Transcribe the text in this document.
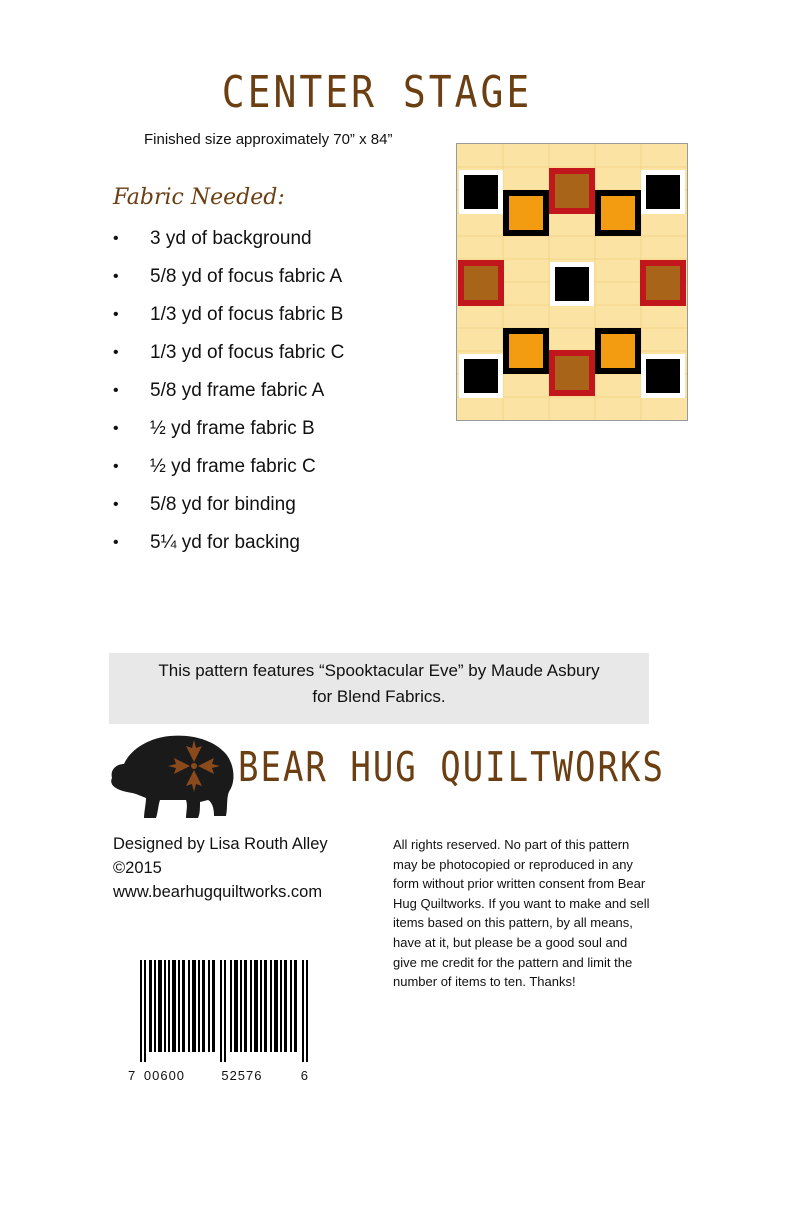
CENTER STAGE
Finished size approximately 70” x 84”
Fabric Needed:
•	3 yd of background
•	5/8 yd of focus fabric A
•	1/3 yd of focus fabric B
•	1/3 yd of focus fabric C
•	5/8 yd frame fabric A
•	½ yd frame fabric B
•	½ yd frame fabric C
•	5/8 yd for binding
•	5¼ yd for backing
This pattern features “Spooktacular Eve” by Maude Asbury
for Blend Fabrics.
BEAR HUG QUILTWORKS
Designed by Lisa Routh Alley
©2015
www.bearhugquiltworks.com
All rights reserved. No part of this pattern may be photocopied or reproduced in any form without prior written consent from Bear Hug Quiltworks. If you want to make and sell items based on this pattern, by all means, have at it, but please be a good soul and give me credit for the pattern and limit the number of items to ten. Thanks!
7 00600	52576	6
